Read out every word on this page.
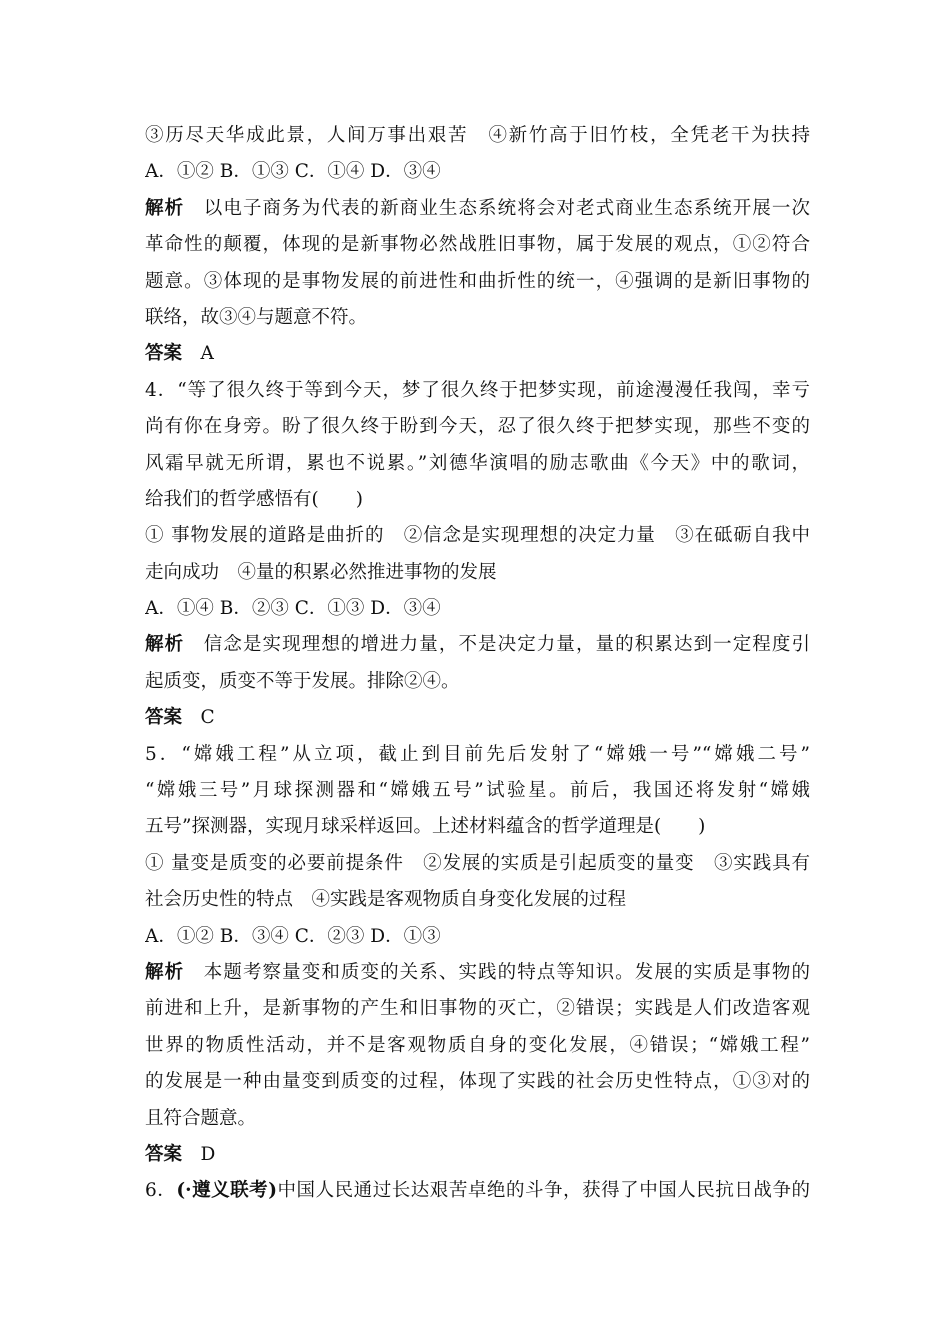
③历尽天华成此景，人间万事出艰苦　④新竹高于旧竹枝，全凭老干为扶持
A．①② B．①③ C．①④ D．③④
解析　以电子商务为代表的新商业生态系统将会对老式商业生态系统开展一次
革命性的颠覆，体现的是新事物必然战胜旧事物，属于发展的观点，①②符合
题意。③体现的是事物发展的前进性和曲折性的统一，④强调的是新旧事物的
联络，故③④与题意不符。
答案　A
4．“等了很久终于等到今天，梦了很久终于把梦实现，前途漫漫任我闯，幸亏
尚有你在身旁。盼了很久终于盼到今天，忍了很久终于把梦实现，那些不变的
风霜早就无所谓，累也不说累。”刘德华演唱的励志歌曲《今天》中的歌词，
给我们的哲学感悟有(　　)
① 事物发展的道路是曲折的　②信念是实现理想的决定力量　③在砥砺自我中
走向成功　④量的积累必然推进事物的发展
A．①④ B．②③ C．①③ D．③④
解析　信念是实现理想的增进力量，不是决定力量，量的积累达到一定程度引
起质变，质变不等于发展。排除②④。
答案　C
5．“嫦娥工程”从立项，截止到目前先后发射了“嫦娥一号”“嫦娥二号”
“嫦娥三号”月球探测器和“嫦娥五号”试验星。前后，我国还将发射“嫦娥
五号”探测器，实现月球采样返回。上述材料蕴含的哲学道理是(　　)
① 量变是质变的必要前提条件　②发展的实质是引起质变的量变　③实践具有
社会历史性的特点　④实践是客观物质自身变化发展的过程
A．①② B．③④ C．②③ D．①③
解析　本题考察量变和质变的关系、实践的特点等知识。发展的实质是事物的
前进和上升，是新事物的产生和旧事物的灭亡，②错误；实践是人们改造客观
世界的物质性活动，并不是客观物质自身的变化发展，④错误；“嫦娥工程”
的发展是一种由量变到质变的过程，体现了实践的社会历史性特点，①③对的
且符合题意。
答案　D
6．(·遵义联考)中国人民通过长达艰苦卓绝的斗争，获得了中国人民抗日战争的
